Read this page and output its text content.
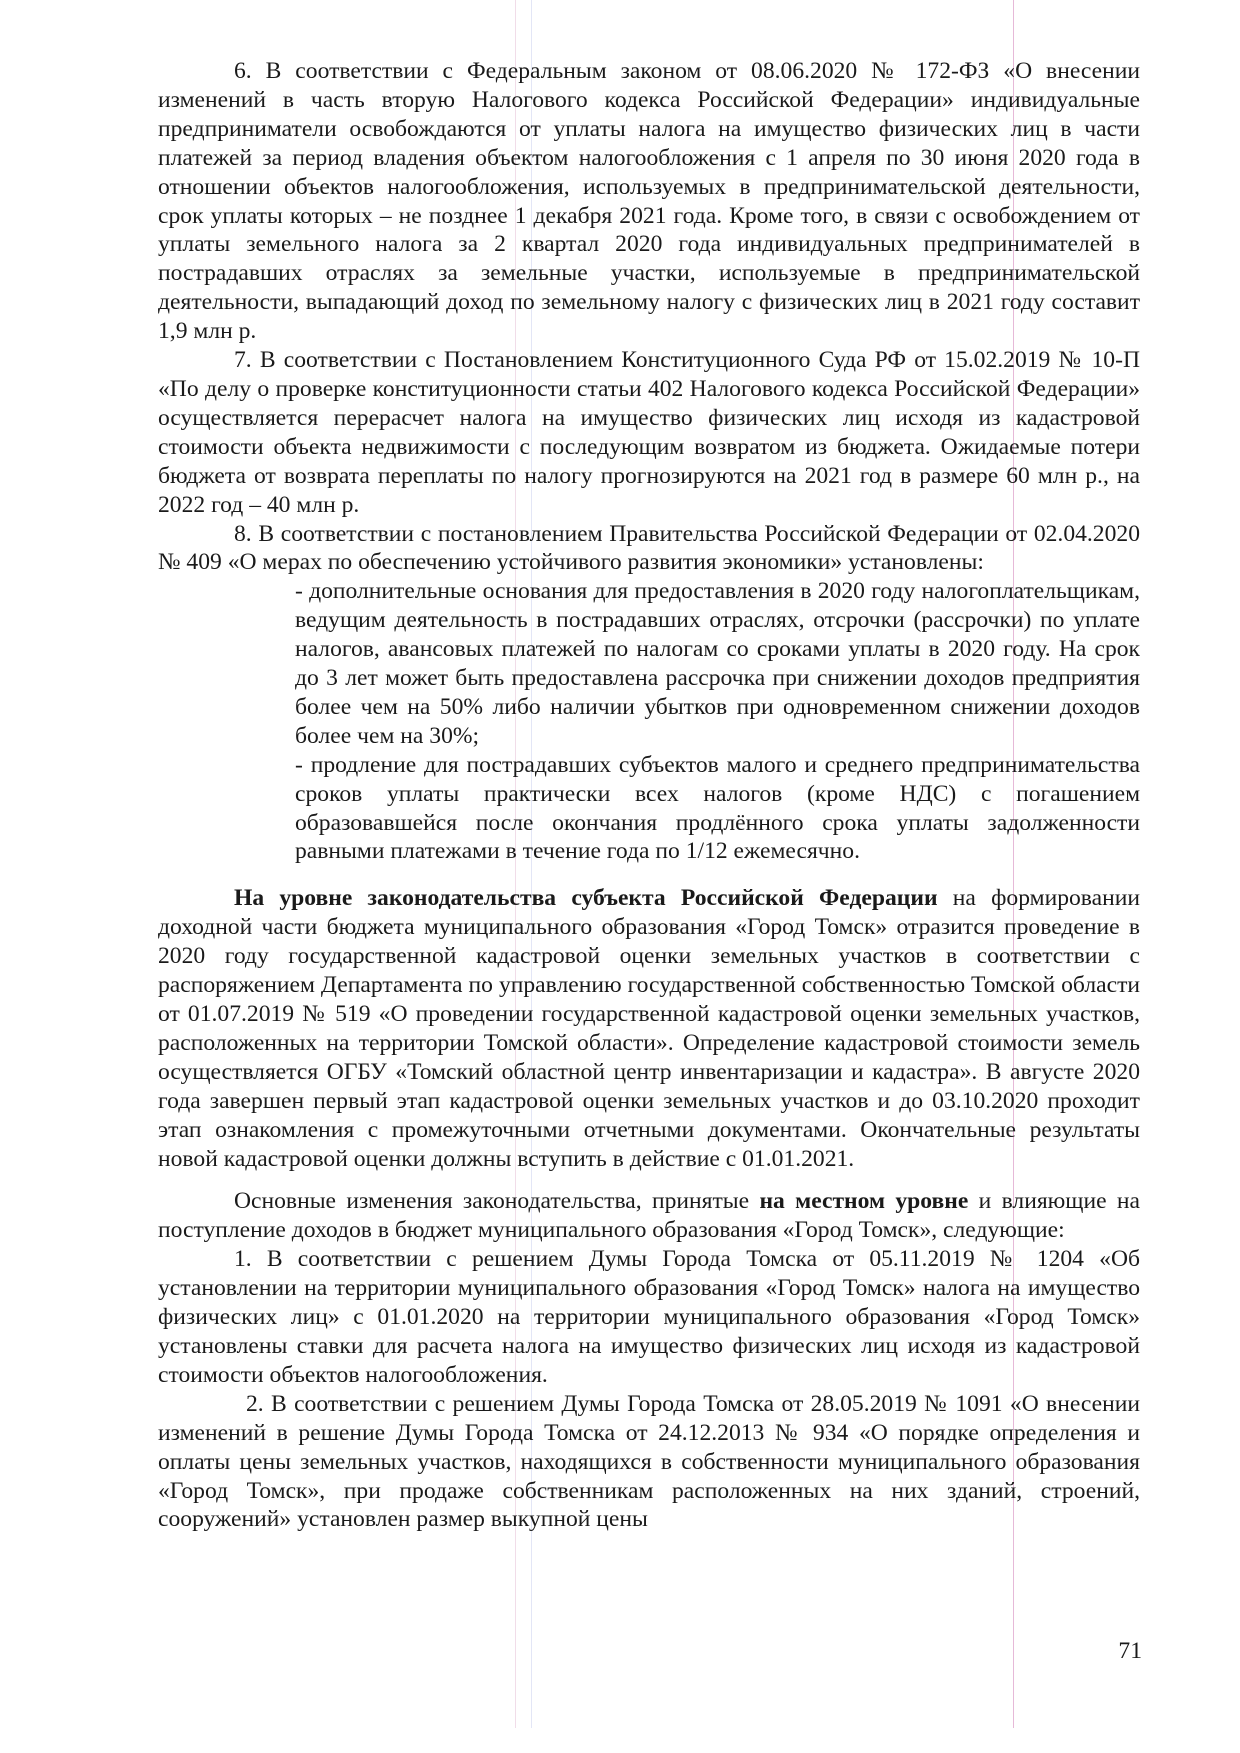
6. В соответствии с Федеральным законом от 08.06.2020 № 172-ФЗ «О внесении изменений в часть вторую Налогового кодекса Российской Федерации» индивидуальные предприниматели освобождаются от уплаты налога на имущество физических лиц в части платежей за период владения объектом налогообложения с 1 апреля по 30 июня 2020 года в отношении объектов налогообложения, используемых в предпринимательской деятельности, срок уплаты которых – не позднее 1 декабря 2021 года. Кроме того, в связи с освобождением от уплаты земельного налога за 2 квартал 2020 года индивидуальных предпринимателей в пострадавших отраслях за земельные участки, используемые в предпринимательской деятельности, выпадающий доход по земельному налогу с физических лиц в 2021 году составит 1,9 млн р.

7. В соответствии с Постановлением Конституционного Суда РФ от 15.02.2019 № 10-П «По делу о проверке конституционности статьи 402 Налогового кодекса Российской Федерации» осуществляется перерасчет налога на имущество физических лиц исходя из кадастровой стоимости объекта недвижимости с последующим возвратом из бюджета. Ожидаемые потери бюджета от возврата переплаты по налогу прогнозируются на 2021 год в размере 60 млн р., на 2022 год – 40 млн р.

8. В соответствии с постановлением Правительства Российской Федерации от 02.04.2020 № 409 «О мерах по обеспечению устойчивого развития экономики» установлены:

- дополнительные основания для предоставления в 2020 году налогоплательщикам, ведущим деятельность в пострадавших отраслях, отсрочки (рассрочки) по уплате налогов, авансовых платежей по налогам со сроками уплаты в 2020 году. На срок до 3 лет может быть предоставлена рассрочка при снижении доходов предприятия более чем на 50% либо наличии убытков при одновременном снижении доходов более чем на 30%;

- продление для пострадавших субъектов малого и среднего предпринимательства сроков уплаты практически всех налогов (кроме НДС) с погашением образовавшейся после окончания продлённого срока уплаты задолженности равными платежами в течение года по 1/12 ежемесячно.

На уровне законодательства субъекта Российской Федерации на формировании доходной части бюджета муниципального образования «Город Томск» отразится проведение в 2020 году государственной кадастровой оценки земельных участков в соответствии с распоряжением Департамента по управлению государственной собственностью Томской области от 01.07.2019 № 519 «О проведении государственной кадастровой оценки земельных участков, расположенных на территории Томской области». Определение кадастровой стоимости земель осуществляется ОГБУ «Томский областной центр инвентаризации и кадастра». В августе 2020 года завершен первый этап кадастровой оценки земельных участков и до 03.10.2020 проходит этап ознакомления с промежуточными отчетными документами. Окончательные результаты новой кадастровой оценки должны вступить в действие с 01.01.2021.

Основные изменения законодательства, принятые на местном уровне и влияющие на поступление доходов в бюджет муниципального образования «Город Томск», следующие:

1. В соответствии с решением Думы Города Томска от 05.11.2019 № 1204 «Об установлении на территории муниципального образования «Город Томск» налога на имущество физических лиц» с 01.01.2020 на территории муниципального образования «Город Томск» установлены ставки для расчета налога на имущество физических лиц исходя из кадастровой стоимости объектов налогообложения.

2. В соответствии с решением Думы Города Томска от 28.05.2019 № 1091 «О внесении изменений в решение Думы Города Томска от 24.12.2013 № 934 «О порядке определения и оплаты цены земельных участков, находящихся в собственности муниципального образования «Город Томск», при продаже собственникам расположенных на них зданий, строений, сооружений» установлен размер выкупной цены

71
